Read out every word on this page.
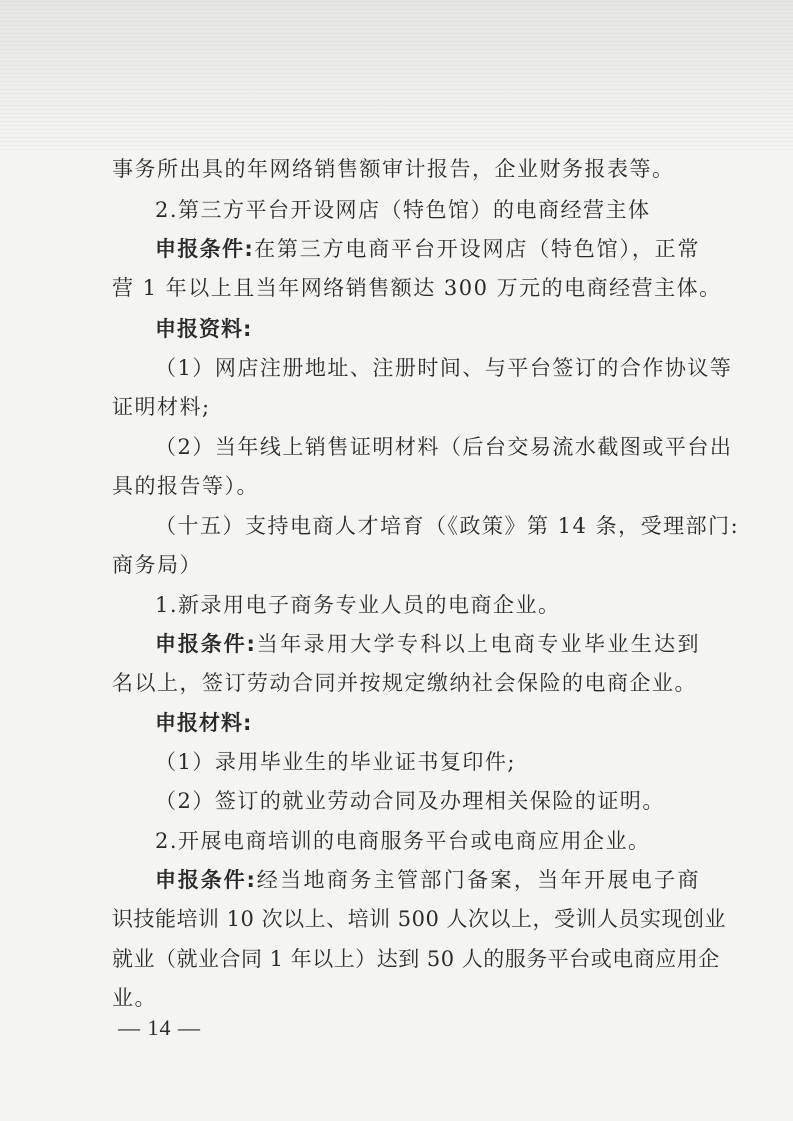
事务所出具的年网络销售额审计报告，企业财务报表等。
2.第三方平台开设网店（特色馆）的电商经营主体
申报条件:在第三方电商平台开设网店（特色馆），正常
营 1 年以上且当年网络销售额达 300 万元的电商经营主体。
申报资料:
（1）网店注册地址、注册时间、与平台签订的合作协议等
证明材料;
（2）当年线上销售证明材料（后台交易流水截图或平台出
具的报告等）。
（十五）支持电商人才培育（《政策》第 14 条，受理部门:
商务局）
1.新录用电子商务专业人员的电商企业。
申报条件:当年录用大学专科以上电商专业毕业生达到
名以上，签订劳动合同并按规定缴纳社会保险的电商企业。
申报材料:
（1）录用毕业生的毕业证书复印件;
（2）签订的就业劳动合同及办理相关保险的证明。
2.开展电商培训的电商服务平台或电商应用企业。
申报条件:经当地商务主管部门备案，当年开展电子商
识技能培训 10 次以上、培训 500 人次以上，受训人员实现创业
就业（就业合同 1 年以上）达到 50 人的服务平台或电商应用企
业。
— 14 —
